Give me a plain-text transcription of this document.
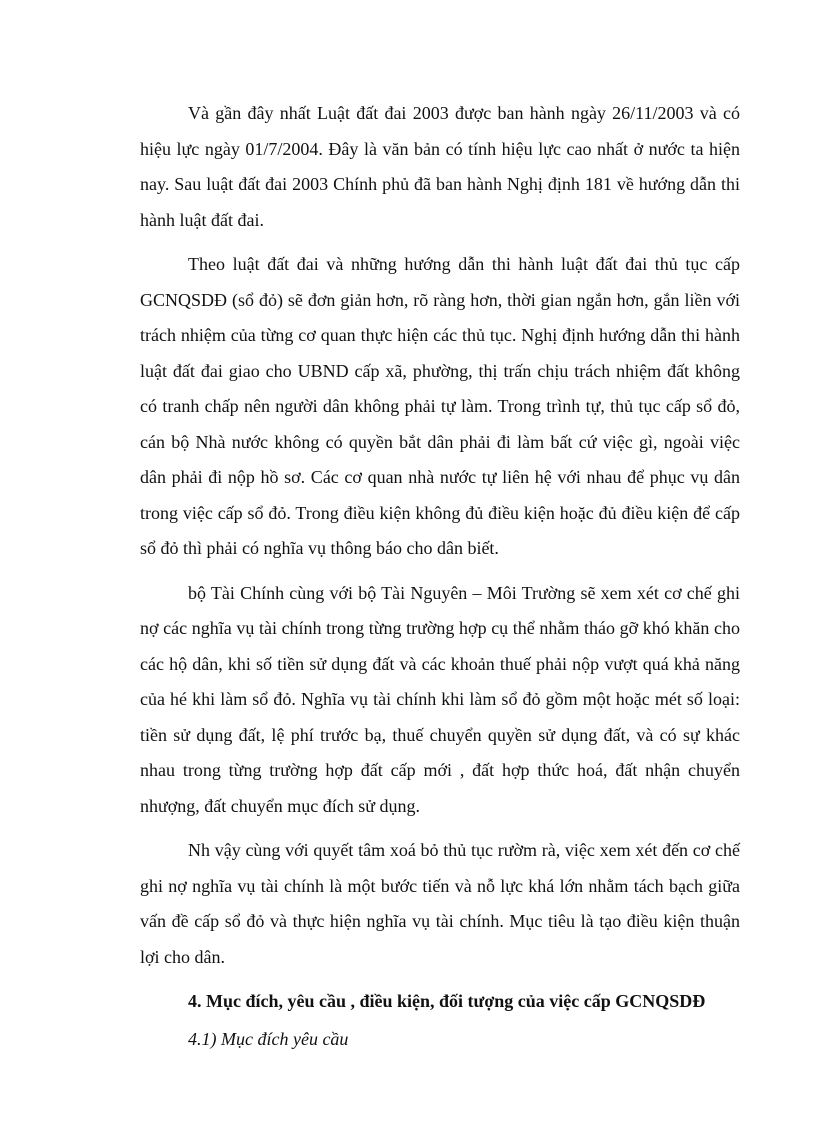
Và gần đây nhất Luật đất đai 2003 được ban hành ngày 26/11/2003 và có hiệu lực ngày 01/7/2004. Đây là văn bản có tính hiệu lực cao nhất ở nước ta hiện nay. Sau luật đất đai 2003 Chính phủ đã ban hành Nghị định 181 về hướng dẫn thi hành luật đất đai.

Theo luật đất đai và những hướng dẫn thi hành luật đất đai thủ tục cấp GCNQSDĐ (sổ đỏ) sẽ đơn giản hơn, rõ ràng hơn, thời gian ngắn hơn, gắn liền với trách nhiệm của từng cơ quan thực hiện các thủ tục. Nghị định hướng dẫn thi hành luật đất đai giao cho UBND cấp xã, phường, thị trấn chịu trách nhiệm đất không có tranh chấp nên người dân không phải tự làm. Trong trình tự, thủ tục cấp sổ đỏ, cán bộ Nhà nước không có quyền bắt dân phải đi làm bất cứ việc gì, ngoài việc dân phải đi nộp hồ sơ. Các cơ quan nhà nước tự liên hệ với nhau để phục vụ dân trong việc cấp sổ đỏ. Trong điều kiện không đủ điều kiện hoặc đủ điều kiện để cấp sổ đỏ thì phải có nghĩa vụ thông báo cho dân biết.

bộ Tài Chính cùng với bộ Tài Nguyên – Môi Trường sẽ xem xét cơ chế ghi nợ các nghĩa vụ tài chính trong từng trường hợp cụ thể nhằm tháo gỡ khó khăn cho các hộ dân, khi số tiền sử dụng đất và các khoản thuế phải nộp vượt quá khả năng của hé khi làm sổ đỏ. Nghĩa vụ tài chính khi làm sổ đỏ gồm một hoặc mét số loại: tiền sử dụng đất, lệ phí trước bạ, thuế chuyển quyền sử dụng đất, và có sự khác nhau trong từng trường hợp đất cấp mới , đất hợp thức hoá, đất nhận chuyển nhượng, đất chuyển mục đích sử dụng.

Nh vậy cùng với quyết tâm xoá bỏ thủ tục rườm rà, việc xem xét đến cơ chế ghi nợ nghĩa vụ tài chính là một bước tiến và nỗ lực khá lớn nhằm tách bạch giữa vấn đề cấp sổ đỏ và thực hiện nghĩa vụ tài chính. Mục tiêu là tạo điều kiện thuận lợi cho dân.

4. Mục đích, yêu cầu , điều kiện, đối tượng của việc cấp GCNQSDĐ

4.1) Mục đích yêu cầu
